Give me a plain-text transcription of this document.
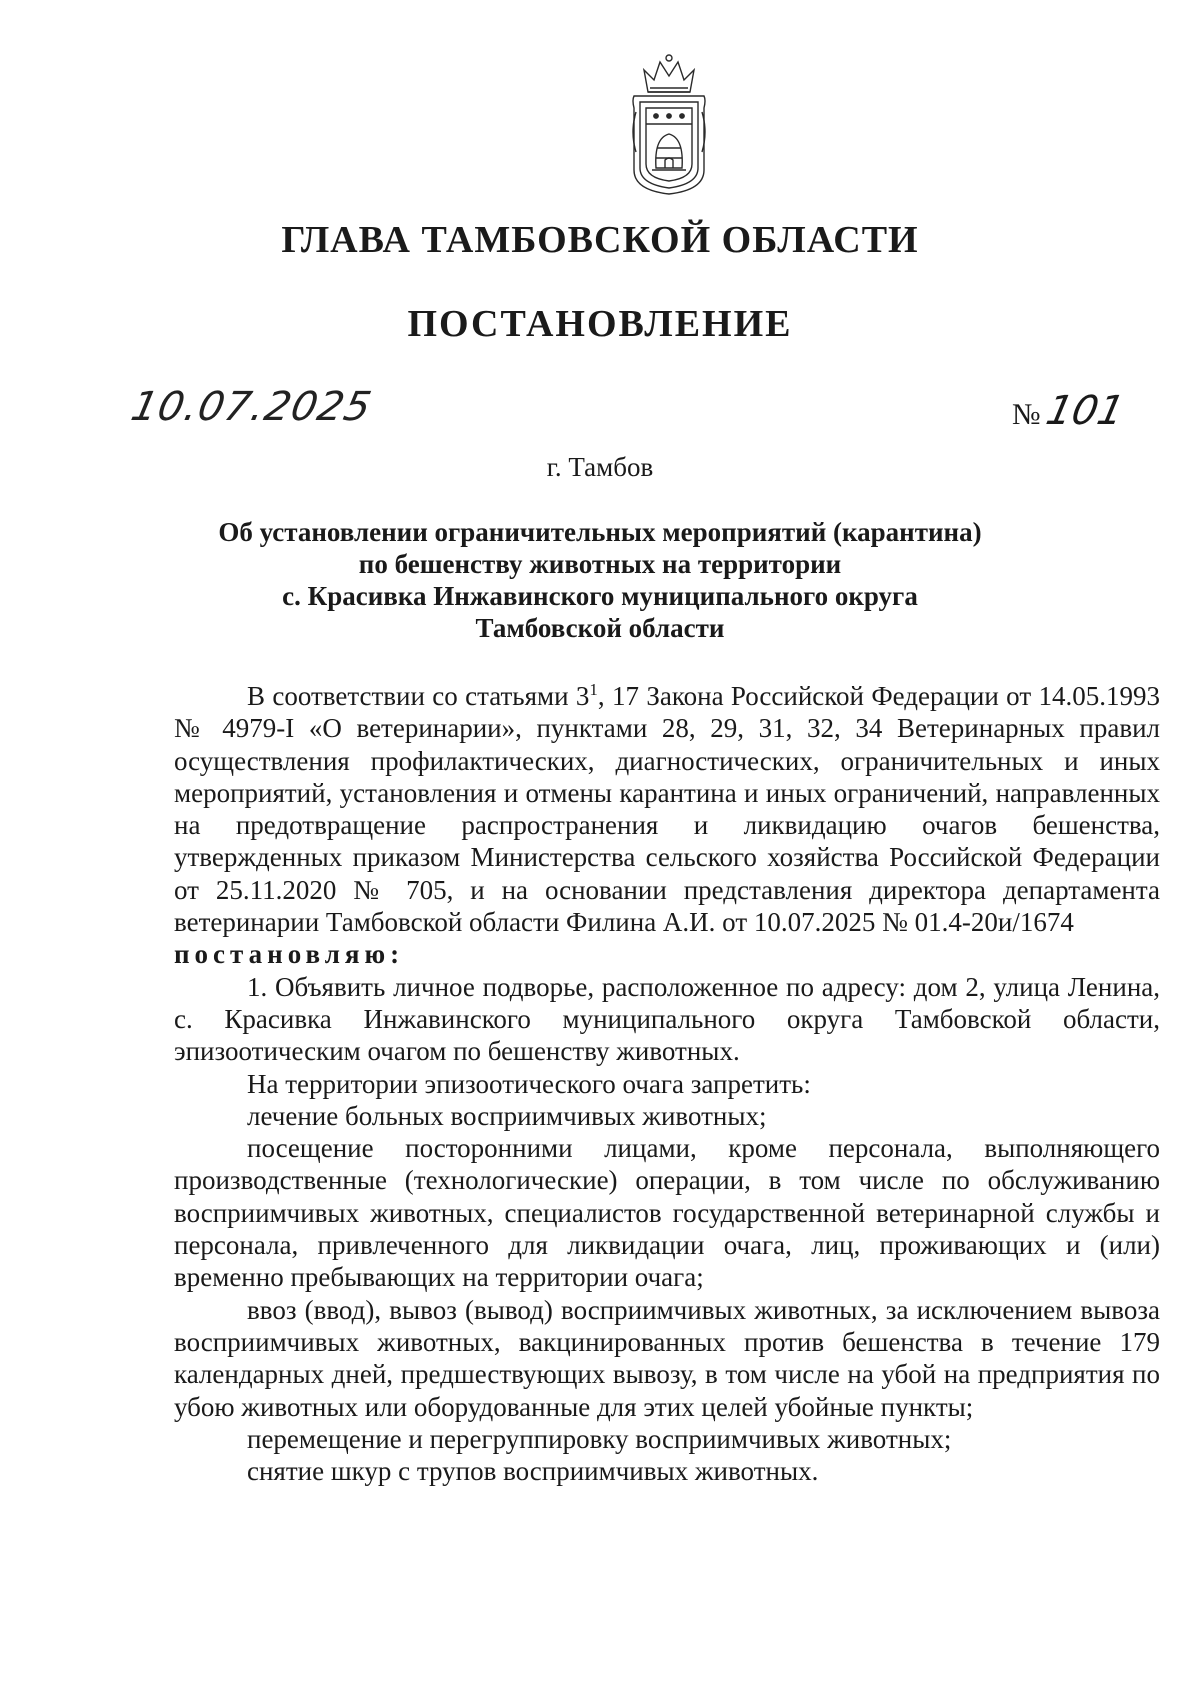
ГЛАВА ТАМБОВСКОЙ ОБЛАСТИ
ПОСТАНОВЛЕНИЕ
10.07.2025	№101
г. Тамбов
Об установлении ограничительных мероприятий (карантина)
по бешенству животных на территории
с. Красивка Инжавинского муниципального округа
Тамбовской области

В соответствии со статьями $3^1$, 17 Закона Российской Федерации от 14.05.1993 № 4979-I «О ветеринарии», пунктами 28, 29, 31, 32, 34 Ветеринарных правил осуществления профилактических, диагностических, ограничительных и иных мероприятий, установления и отмены карантина и иных ограничений, направленных на предотвращение распространения и ликвидацию очагов бешенства, утвержденных приказом Министерства сельского хозяйства Российской Федерации от 25.11.2020 № 705, и на основании представления директора департамента ветеринарии Тамбовской области Филина А.И. от 10.07.2025 № 01.4-20и/1674

постановляю:

1. Объявить личное подворье, расположенное по адресу: дом 2, улица Ленина, с. Красивка Инжавинского муниципального округа Тамбовской области, эпизоотическим очагом по бешенству животных.

На территории эпизоотического очага запретить:

лечение больных восприимчивых животных;

посещение посторонними лицами, кроме персонала, выполняющего производственные (технологические) операции, в том числе по обслуживанию восприимчивых животных, специалистов государственной ветеринарной службы и персонала, привлеченного для ликвидации очага, лиц, проживающих и (или) временно пребывающих на территории очага;

ввоз (ввод), вывоз (вывод) восприимчивых животных, за исключением вывоза восприимчивых животных, вакцинированных против бешенства в течение 179 календарных дней, предшествующих вывозу, в том числе на убой на предприятия по убою животных или оборудованные для этих целей убойные пункты;

перемещение и перегруппировку восприимчивых животных;

снятие шкур с трупов восприимчивых животных.
